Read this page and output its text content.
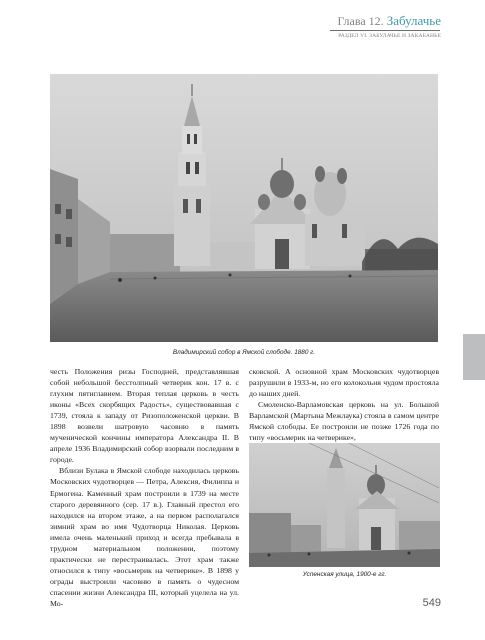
Глава 12. Забулачье
РАЗДЕЛ VI. ЗАБУЛАЧЬЕ И ЗАКАБАНЬЕ
Владимирский собор в Ямской слободе. 1880 г.

честь Положения ризы Господней, представлявшая собой небольшой бесстолпный четверик кон. 17 в. с глухим пятиглавием. Вторая теплая церковь в честь иконы «Всех скорбящих Радость», существовавшая с 1739, стояла к западу от Ризоположенской церкви. В 1898 возвели шатровую часовню в память мученической кончины императора Александра II. В апреле 1936 Владимирский собор взорвали последним в городе.

Вблизи Булака в Ямской слободе находилась церковь Московских чудотворцев — Петра, Алексия, Филиппа и Ермогена. Каменный храм построили в 1739 на месте старого деревянного (сер. 17 в.). Главный престол его находился на втором этаже, а на первом располагался зимний храм во имя Чудотворца Николая. Церковь имела очень маленький приход и всегда пребывала в трудном материальном положении, поэтому практически не перестраивалась. Этот храм также относился к типу «восьмерик на четверике». В 1898 у ограды выстроили часовню в память о чудесном спасении жизни Александра III, который уцелела на ул. Мо-

сковской. А основной храм Московских чудотворцев разрушили в 1933-м, но его колокольня чудом простояла до наших дней.

Смоленско-Варламовская церковь на ул. Большой Варламской (Мартына Межлаука) стояла в самом центре Ямской слободы. Ее построили не позже 1726 года по типу «восьмерик на четверике»,

Успенская улица, 1900-е гг.
549
